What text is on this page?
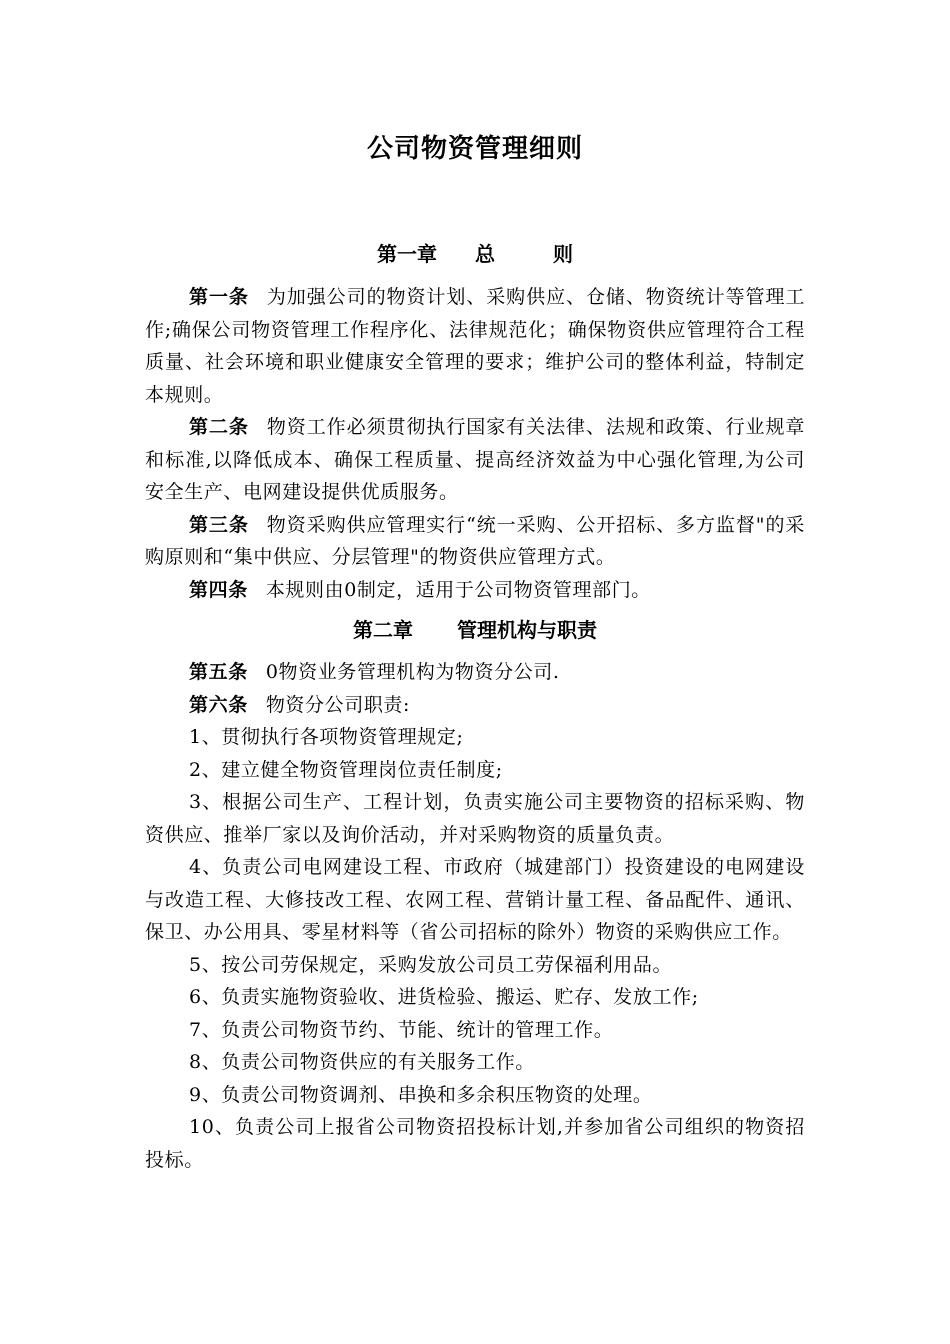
公司物资管理细则
第一章 总	则

第一条 为加强公司的物资计划、采购供应、仓储、物资统计等管理工作;确保公司物资管理工作程序化、法律规范化；确保物资供应管理符合工程质量、社会环境和职业健康安全管理的要求；维护公司的整体利益，特制定本规则。

第二条 物资工作必须贯彻执行国家有关法律、法规和政策、行业规章和标准,以降低成本、确保工程质量、提高经济效益为中心强化管理,为公司安全生产、电网建设提供优质服务。

第三条 物资采购供应管理实行“统一采购、公开招标、多方监督"的采购原则和“集中供应、分层管理"的物资供应管理方式。

第四条 本规则由0制定，适用于公司物资管理部门。

第二章 管理机构与职责

第五条 0物资业务管理机构为物资分公司.

第六条 物资分公司职责:

1、贯彻执行各项物资管理规定;

2、建立健全物资管理岗位责任制度;

3、根据公司生产、工程计划，负责实施公司主要物资的招标采购、物资供应、推举厂家以及询价活动，并对采购物资的质量负责。

4、负责公司电网建设工程、市政府（城建部门）投资建设的电网建设与改造工程、大修技改工程、农网工程、营销计量工程、备品配件、通讯、保卫、办公用具、零星材料等（省公司招标的除外）物资的采购供应工作。

5、按公司劳保规定，采购发放公司员工劳保福利用品。

6、负责实施物资验收、进货检验、搬运、贮存、发放工作;

7、负责公司物资节约、节能、统计的管理工作。

8、负责公司物资供应的有关服务工作。

9、负责公司物资调剂、串换和多余积压物资的处理。

10、负责公司上报省公司物资招投标计划,并参加省公司组织的物资招投标。
